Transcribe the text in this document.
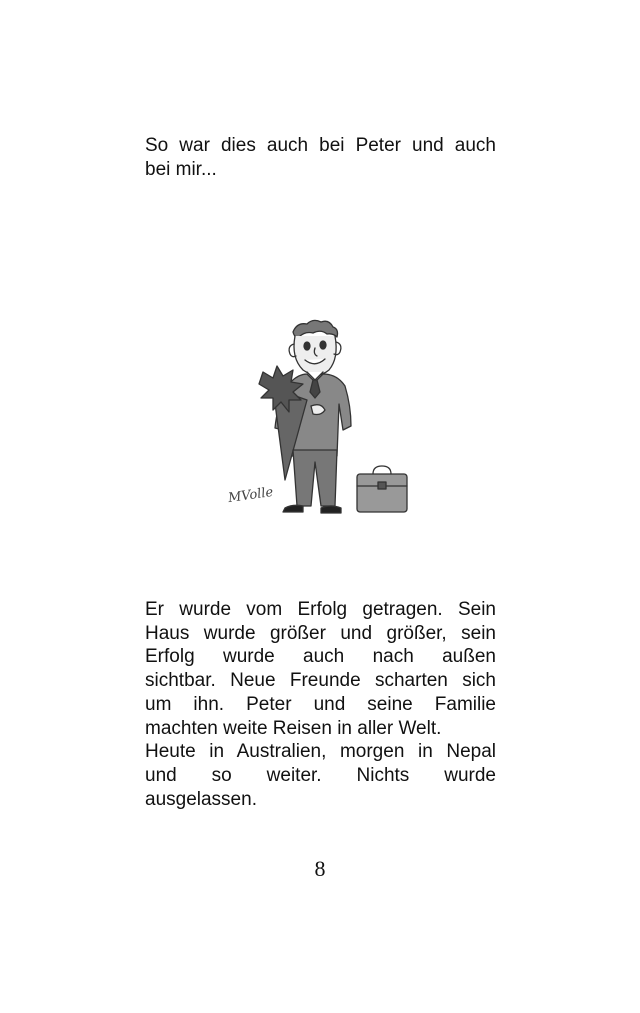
So war dies auch bei Peter und auch
bei mir...
MVolle
Er wurde vom Erfolg getragen. Sein
Haus wurde größer und größer, sein
Erfolg wurde auch nach außen
sichtbar. Neue Freunde scharten sich
um ihn. Peter und seine Familie
machten weite Reisen in aller Welt.
Heute in Australien, morgen in Nepal
und so weiter. Nichts wurde
ausgelassen.
8
